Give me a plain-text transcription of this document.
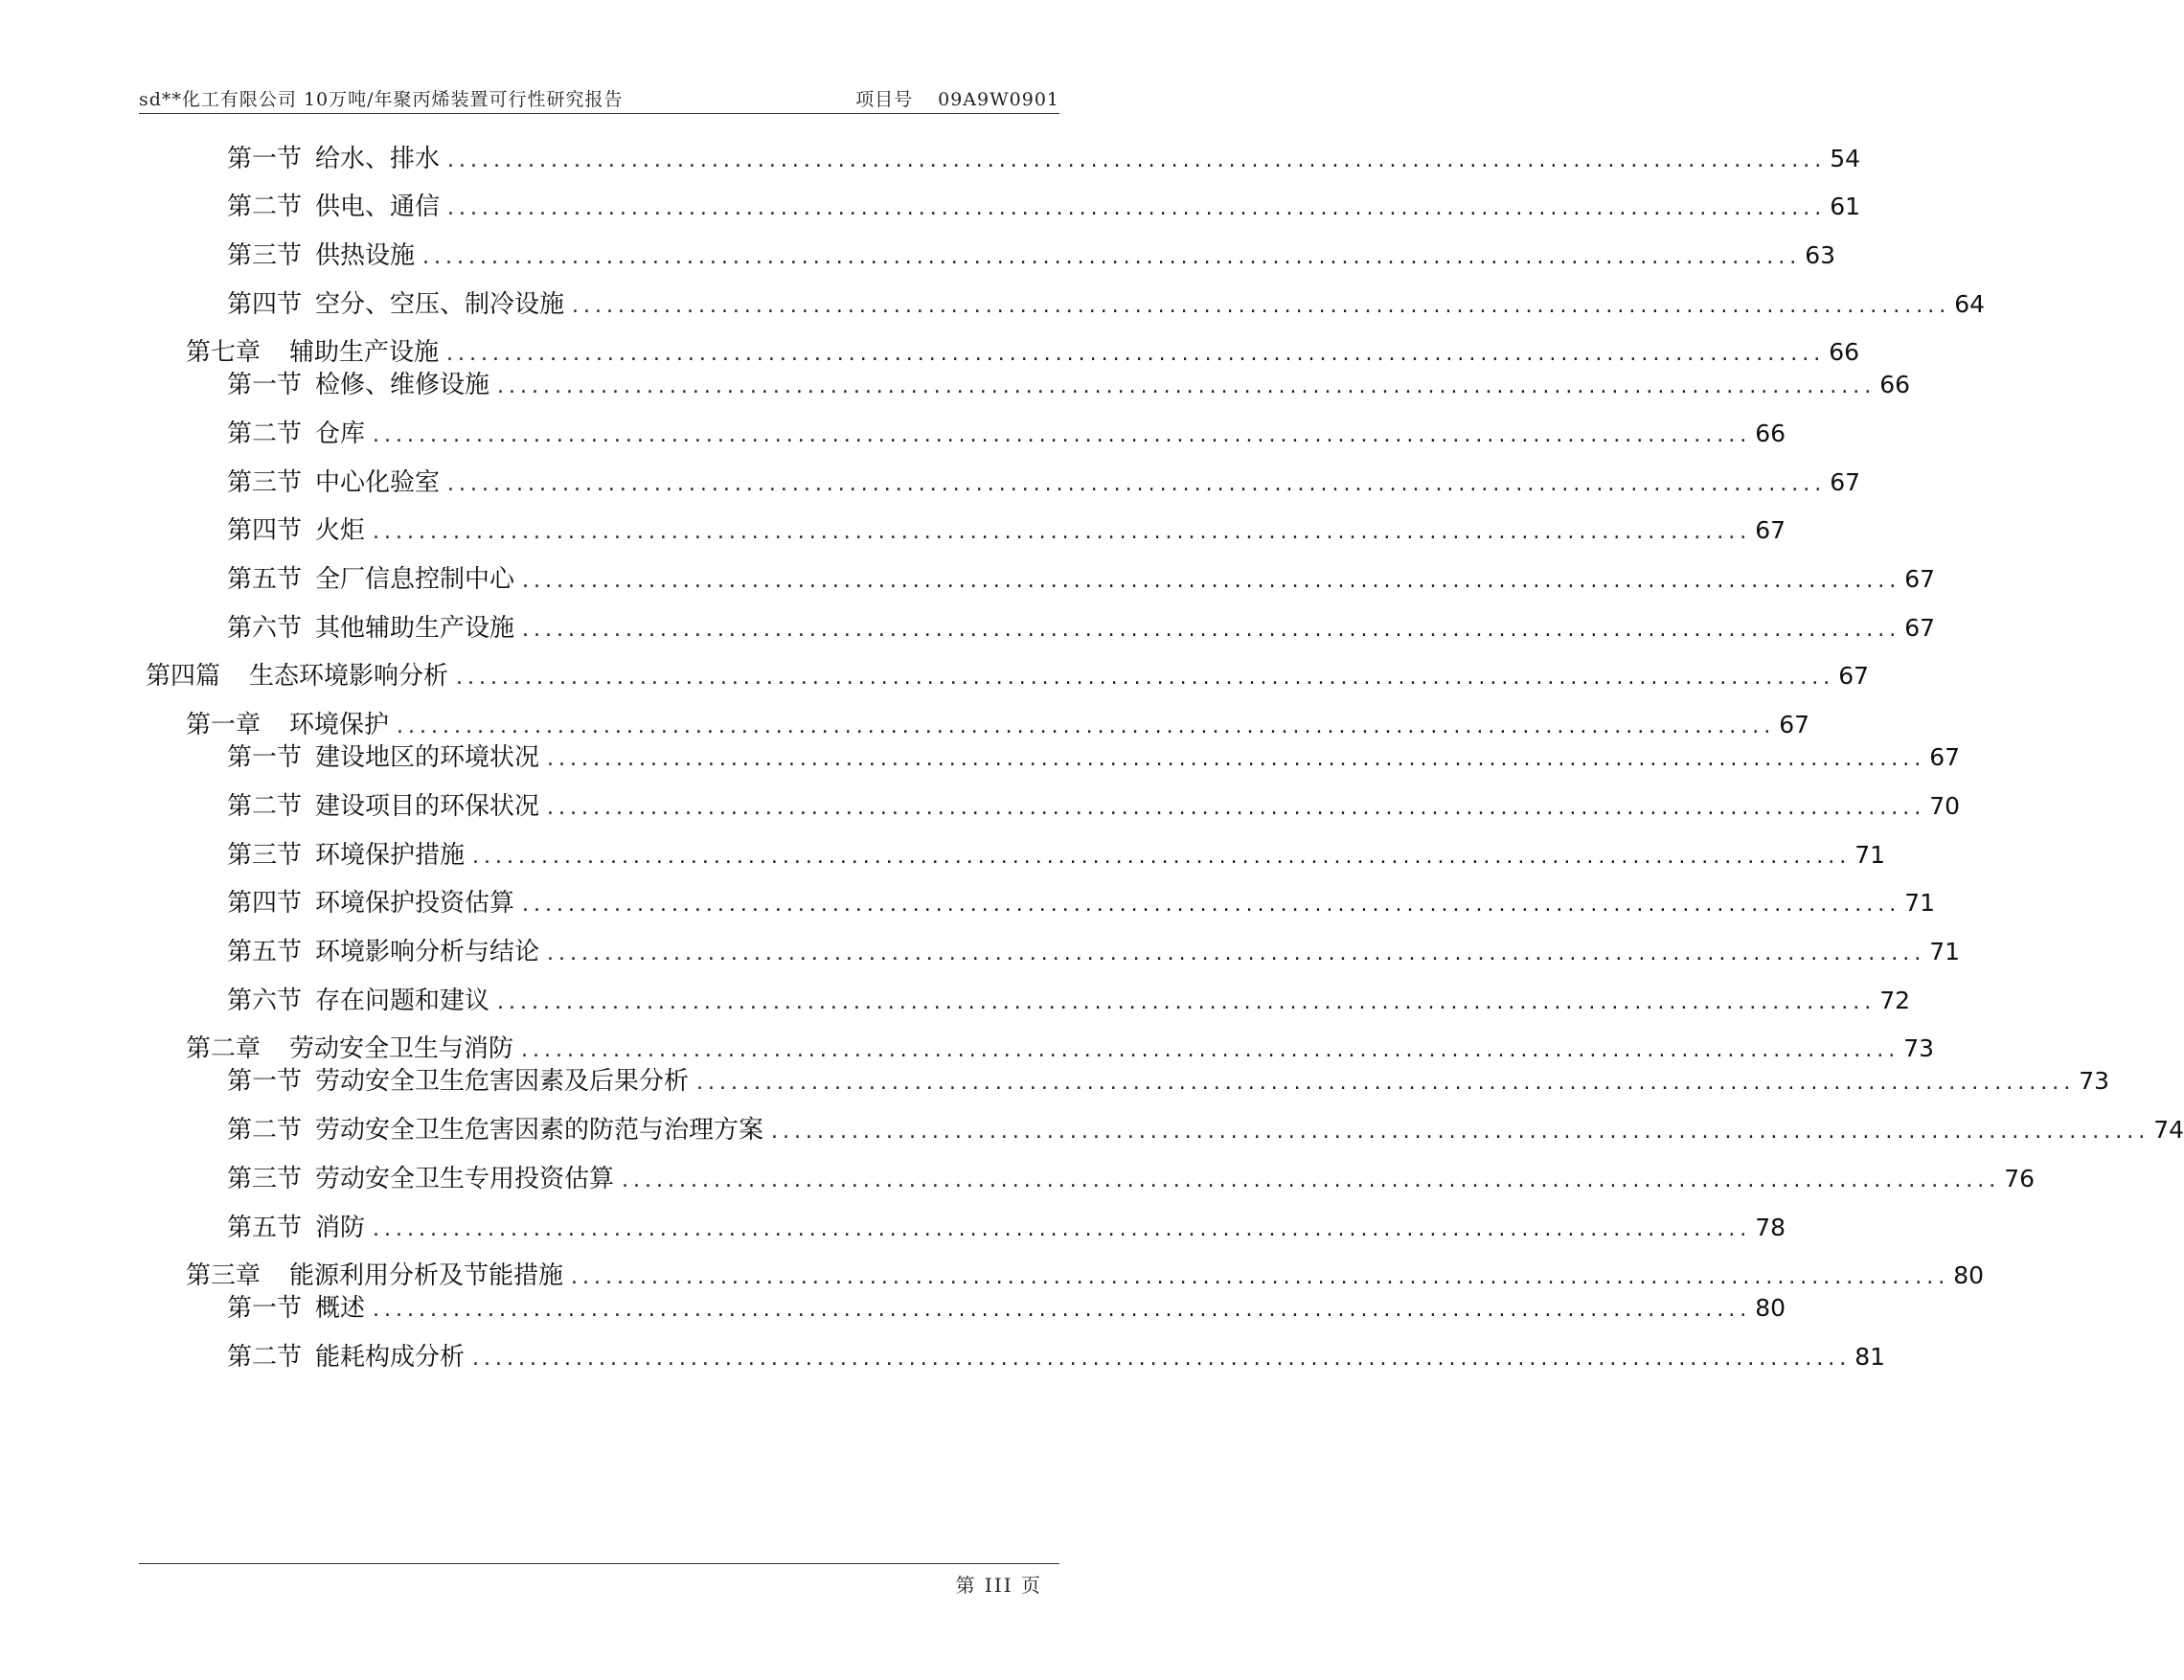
sd**化工有限公司 10万吨/年聚丙烯装置可行性研究报告	项目号 09A9W0901
第一节 给水、排水 ........................................................................................................................ 54
第二节 供电、通信 ........................................................................................................................ 61
第三节 供热设施 ........................................................................................................................ 63
第四节 空分、空压、制冷设施 ........................................................................................................................ 64
第七章 辅助生产设施 ........................................................................................................................ 66
第一节 检修、维修设施 ........................................................................................................................ 66
第二节 仓库 ........................................................................................................................ 66
第三节 中心化验室 ........................................................................................................................ 67
第四节 火炬 ........................................................................................................................ 67
第五节 全厂信息控制中心 ........................................................................................................................ 67
第六节 其他辅助生产设施 ........................................................................................................................ 67
第四篇 生态环境影响分析 ........................................................................................................................ 67
第一章 环境保护 ........................................................................................................................ 67
第一节 建设地区的环境状况 ........................................................................................................................ 67
第二节 建设项目的环保状况 ........................................................................................................................ 70
第三节 环境保护措施 ........................................................................................................................ 71
第四节 环境保护投资估算 ........................................................................................................................ 71
第五节 环境影响分析与结论 ........................................................................................................................ 71
第六节 存在问题和建议 ........................................................................................................................ 72
第二章 劳动安全卫生与消防 ........................................................................................................................ 73
第一节 劳动安全卫生危害因素及后果分析 ........................................................................................................................ 73
第二节 劳动安全卫生危害因素的防范与治理方案 ........................................................................................................................ 74
第三节 劳动安全卫生专用投资估算 ........................................................................................................................ 76
第五节 消防 ........................................................................................................................ 78
第三章 能源利用分析及节能措施 ........................................................................................................................ 80
第一节 概述 ........................................................................................................................ 80
第二节 能耗构成分析 ........................................................................................................................ 81
第 III 页
